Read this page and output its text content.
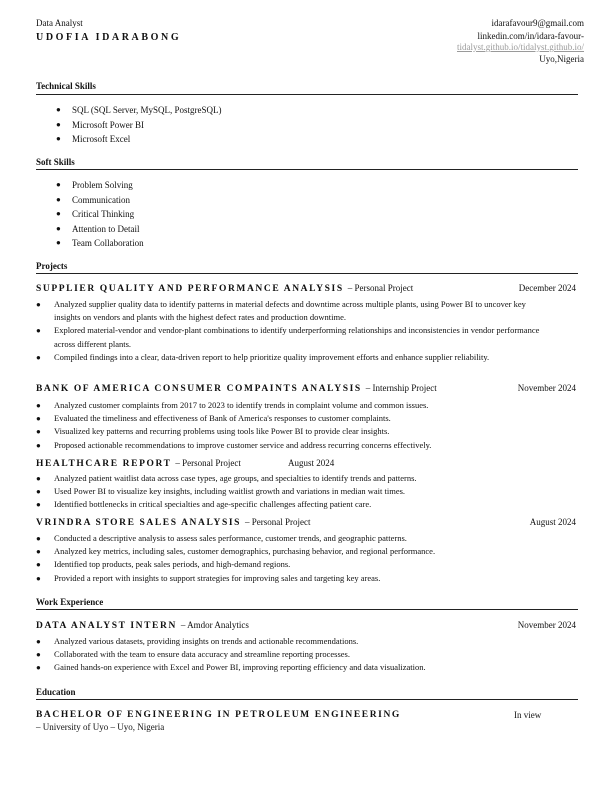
Data Analyst
UDOFIA IDARABONG
idarafavour9@gmail.com
linkedin.com/in/idara-favour-
tidalyst.github.io/tidalyst.github.io/
Uyo,Nigeria
Technical Skills
● SQL (SQL Server, MySQL, PostgreSQL)
● Microsoft Power BI
● Microsoft Excel
Soft Skills
● Problem Solving
● Communication
● Critical Thinking
● Attention to Detail
● Team Collaboration
Projects
SUPPLIER QUALITY AND PERFORMANCE ANALYSIS – Personal Project	December 2024
● Analyzed supplier quality data to identify patterns in material defects and downtime across multiple plants, using Power BI to uncover key insights on vendors and plants with the highest defect rates and production downtime.
● Explored material-vendor and vendor-plant combinations to identify underperforming relationships and inconsistencies in vendor performance across different plants.
● Compiled findings into a clear, data-driven report to help prioritize quality improvement efforts and enhance supplier reliability.
BANK OF AMERICA CONSUMER COMPAINTS ANALYSIS – Internship Project	November 2024
● Analyzed customer complaints from 2017 to 2023 to identify trends in complaint volume and common issues.
● Evaluated the timeliness and effectiveness of Bank of America's responses to customer complaints.
● Visualized key patterns and recurring problems using tools like Power BI to provide clear insights.
● Proposed actionable recommendations to improve customer service and address recurring concerns effectively.
HEALTHCARE REPORT – Personal Project	August 2024
● Analyzed patient waitlist data across case types, age groups, and specialties to identify trends and patterns.
● Used Power BI to visualize key insights, including waitlist growth and variations in median wait times.
● Identified bottlenecks in critical specialties and age-specific challenges affecting patient care.
VRINDRA STORE SALES ANALYSIS – Personal Project	August 2024
● Conducted a descriptive analysis to assess sales performance, customer trends, and geographic patterns.
● Analyzed key metrics, including sales, customer demographics, purchasing behavior, and regional performance.
● Identified top products, peak sales periods, and high-demand regions.
● Provided a report with insights to support strategies for improving sales and targeting key areas.
Work Experience
DATA ANALYST INTERN – Amdor Analytics	November 2024
● Analyzed various datasets, providing insights on trends and actionable recommendations.
● Collaborated with the team to ensure data accuracy and streamline reporting processes.
● Gained hands-on experience with Excel and Power BI, improving reporting efficiency and data visualization.
Education
BACHELOR OF ENGINEERING IN PETROLEUM ENGINEERING	In view
– University of Uyo – Uyo, Nigeria
